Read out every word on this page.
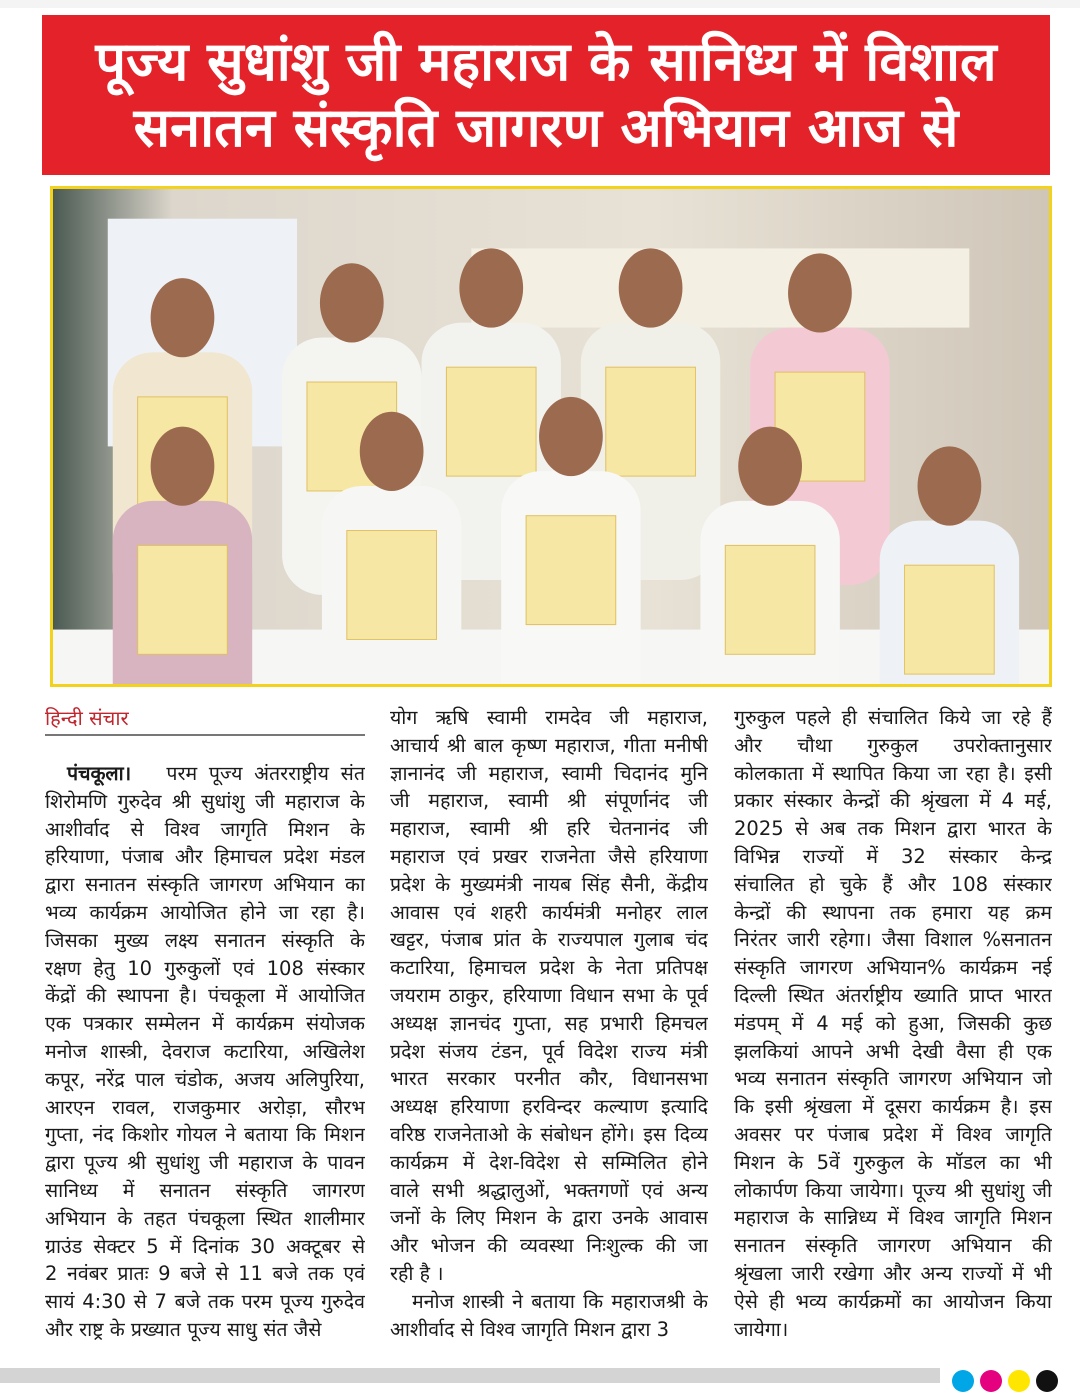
पूज्य सुधांशु जी महाराज के सानिध्य में विशाल
सनातन संस्कृति जागरण अभियान आज से
हिन्दी संचार
पंचकूला। परम पूज्य अंतरराष्ट्रीय संत
शिरोमणि गुरुदेव श्री सुधांशु जी महाराज के
आशीर्वाद से विश्व जागृति मिशन के
हरियाणा, पंजाब और हिमाचल प्रदेश मंडल
द्वारा सनातन संस्कृति जागरण अभियान का
भव्य कार्यक्रम आयोजित होने जा रहा है।
जिसका मुख्य लक्ष्य सनातन संस्कृति के
रक्षण हेतु 10 गुरुकुलों एवं 108 संस्कार
केंद्रों की स्थापना है। पंचकूला में आयोजित
एक पत्रकार सम्मेलन में कार्यक्रम संयोजक
मनोज शास्त्री, देवराज कटारिया, अखिलेश
कपूर, नरेंद्र पाल चंडोक, अजय अलिपुरिया,
आरएन रावल, राजकुमार अरोड़ा, सौरभ
गुप्ता, नंद किशोर गोयल ने बताया कि मिशन
द्वारा पूज्य श्री सुधांशु जी महाराज के पावन
सानिध्य में सनातन संस्कृति जागरण
अभियान के तहत पंचकूला स्थित शालीमार
ग्राउंड सेक्टर 5 में दिनांक 30 अक्टूबर से
2 नवंबर प्रातः 9 बजे से 11 बजे तक एवं
सायं 4:30 से 7 बजे तक परम पूज्य गुरुदेव
और राष्ट्र के प्रख्यात पूज्य साधु संत जैसे
योग ऋषि स्वामी रामदेव जी महाराज,
आचार्य श्री बाल कृष्ण महाराज, गीता मनीषी
ज्ञानानंद जी महाराज, स्वामी चिदानंद मुनि
जी महाराज, स्वामी श्री संपूर्णानंद जी
महाराज, स्वामी श्री हरि चेतनानंद जी
महाराज एवं प्रखर राजनेता जैसे हरियाणा
प्रदेश के मुख्यमंत्री नायब सिंह सैनी, केंद्रीय
आवास एवं शहरी कार्यमंत्री मनोहर लाल
खट्टर, पंजाब प्रांत के राज्यपाल गुलाब चंद
कटारिया, हिमाचल प्रदेश के नेता प्रतिपक्ष
जयराम ठाकुर, हरियाणा विधान सभा के पूर्व
अध्यक्ष ज्ञानचंद गुप्ता, सह प्रभारी हिमचल
प्रदेश संजय टंडन, पूर्व विदेश राज्य मंत्री
भारत सरकार परनीत कौर, विधानसभा
अध्यक्ष हरियाणा हरविन्दर कल्याण इत्यादि
वरिष्ठ राजनेताओ के संबोधन होंगे। इस दिव्य
कार्यक्रम में देश-विदेश से सम्मिलित होने
वाले सभी श्रद्धालुओं, भक्तगणों एवं अन्य
जनों के लिए मिशन के द्वारा उनके आवास
और भोजन की व्यवस्था निःशुल्क की जा
रही है ।
मनोज शास्त्री ने बताया कि महाराजश्री के
आशीर्वाद से विश्व जागृति मिशन द्वारा 3
गुरुकुल पहले ही संचालित किये जा रहे हैं
और चौथा गुरुकुल उपरोक्तानुसार
कोलकाता में स्थापित किया जा रहा है। इसी
प्रकार संस्कार केन्द्रों की श्रृंखला में 4 मई,
2025 से अब तक मिशन द्वारा भारत के
विभिन्न राज्यों में 32 संस्कार केन्द्र
संचालित हो चुके हैं और 108 संस्कार
केन्द्रों की स्थापना तक हमारा यह क्रम
निरंतर जारी रहेगा। जैसा विशाल %सनातन
संस्कृति जागरण अभियान% कार्यक्रम नई
दिल्ली स्थित अंतर्राष्ट्रीय ख्याति प्राप्त भारत
मंडपम् में 4 मई को हुआ, जिसकी कुछ
झलकियां आपने अभी देखी वैसा ही एक
भव्य सनातन संस्कृति जागरण अभियान जो
कि इसी श्रृंखला में दूसरा कार्यक्रम है। इस
अवसर पर पंजाब प्रदेश में विश्व जागृति
मिशन के 5वें गुरुकुल के मॉडल का भी
लोकार्पण किया जायेगा। पूज्य श्री सुधांशु जी
महाराज के सान्निध्य में विश्व जागृति मिशन
सनातन संस्कृति जागरण अभियान की
श्रृंखला जारी रखेगा और अन्य राज्यों में भी
ऐसे ही भव्य कार्यक्रमों का आयोजन किया
जायेगा।
